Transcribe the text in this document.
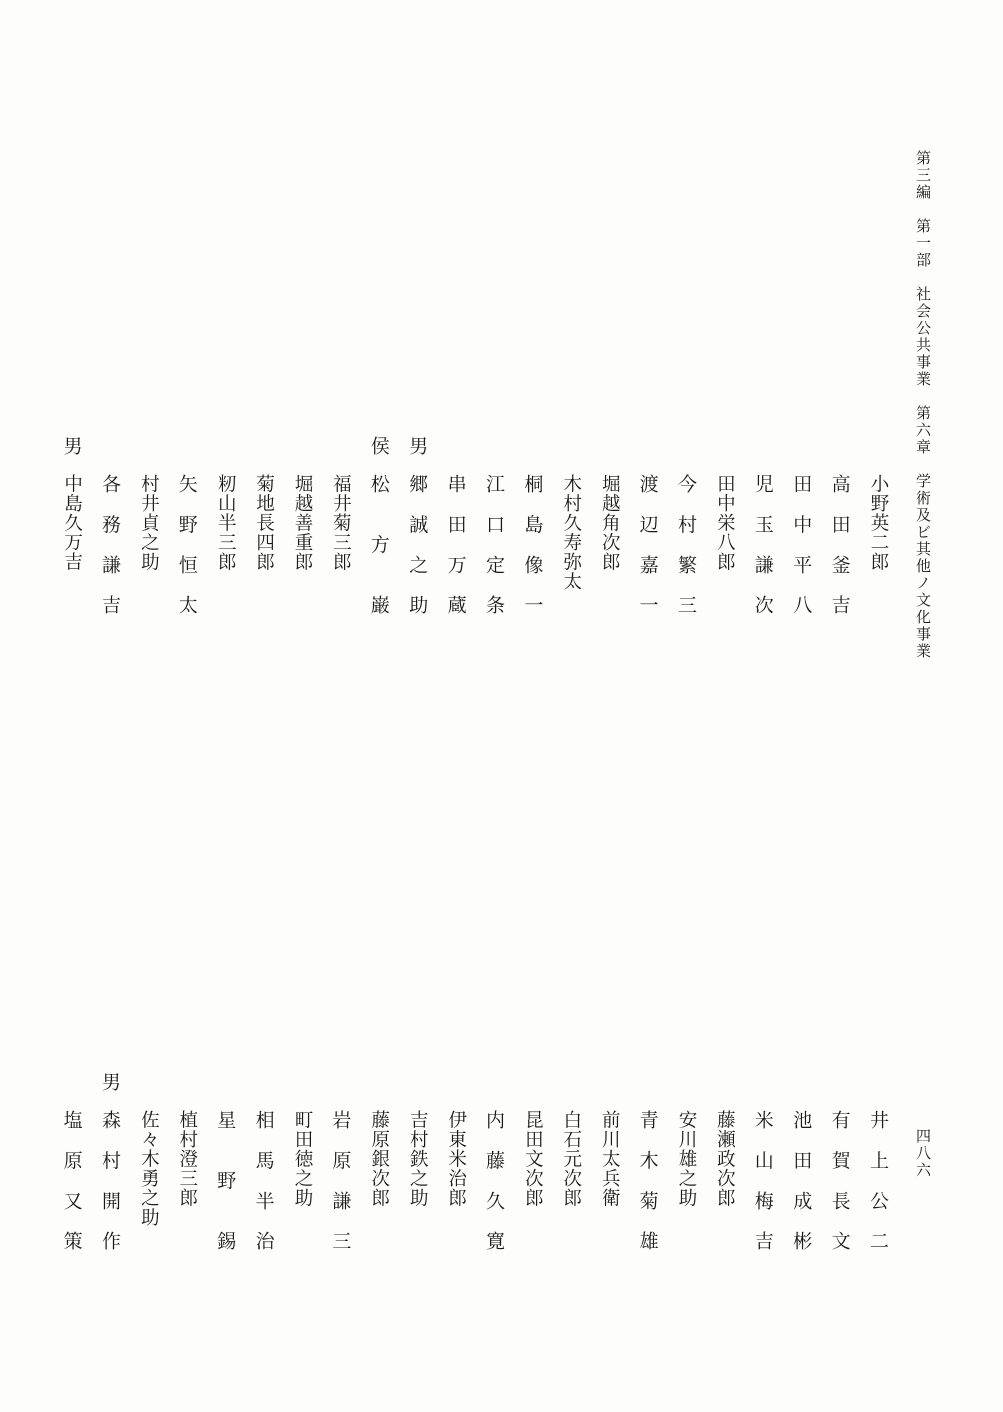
第三編　第一部　社会公共事業　第六章　学術及ビ其他ノ文化事業
四八六
小野英二郎
高田釜吉
田中平八
児玉謙次
田中栄八郎
今村繁三
渡辺嘉一
堀越角次郎
木村久寿弥太
桐島像一
江口定条
串田万蔵
男
郷誠之助
侯
松方巌
福井菊三郎
堀越善重郎
菊地長四郎
籾山半三郎
矢野恒太
村井貞之助
各務謙吉
男
中島久万吉
井上公二
有賀長文
池田成彬
米山梅吉
藤瀬政次郎
安川雄之助
青木菊雄
前川太兵衛
白石元次郎
昆田文次郎
内藤久寛
伊東米治郎
吉村鉄之助
藤原銀次郎
岩原謙三
町田徳之助
相馬半治
星野錫
植村澄三郎
佐々木勇之助
男
森村開作
塩原又策
